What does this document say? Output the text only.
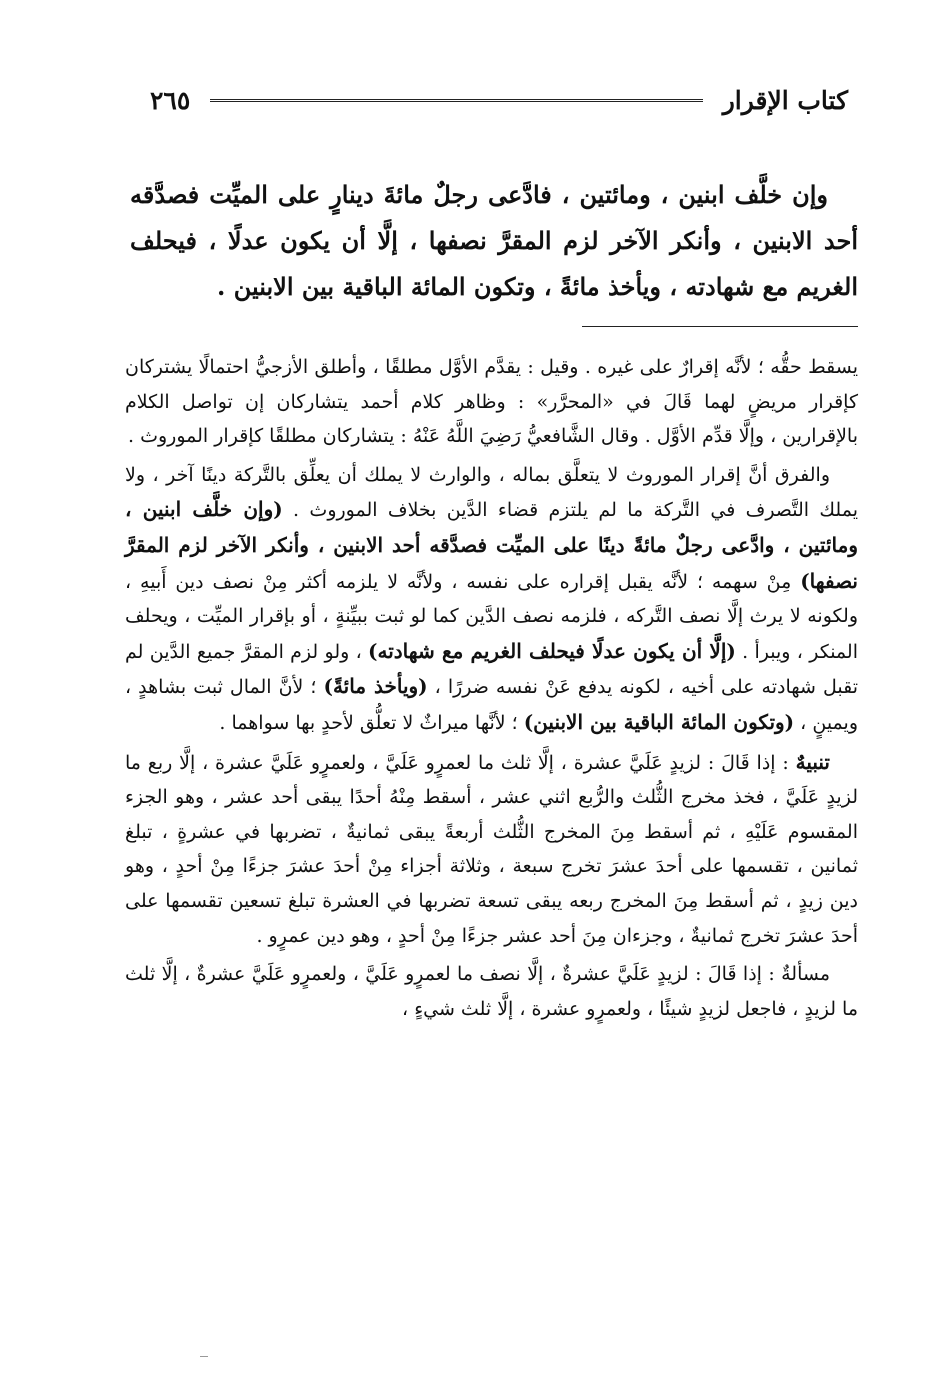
كتاب الإقرار
٢٦٥

وإن خلَّف ابنين ، ومائتين ، فادَّعى رجلٌ مائةَ دينارٍ على الميِّت فصدَّقه أحد الابنين ، وأنكر الآخر لزم المقرَّ نصفها ، إلَّا أن يكون عدلًا ، فيحلف الغريم مع شهادته ، ويأخذ مائةً ، وتكون المائة الباقية بين الابنين .

يسقط حقُّه ؛ لأنَّه إقرارٌ على غيره . وقيل : يقدَّم الأوَّل مطلقًا ، وأطلق الأزجيُّ احتمالًا يشتركان كإقرار مريضٍ لهما قَالَ في «المحرَّر» : وظاهر كلام أحمد يتشاركان إن تواصل الكلام بالإقرارين ، وإلَّا قدِّم الأوَّل . وقال الشَّافعيُّ رَضِيَ اللَّهُ عَنْهُ : يتشاركان مطلقًا كإقرار الموروث .

والفرق أنَّ إقرار الموروث لا يتعلَّق بماله ، والوارث لا يملك أن يعلِّق بالتَّركة دينًا آخر ، ولا يملك التَّصرف في التَّركة ما لم يلتزم قضاء الدَّين بخلاف الموروث . (وإن خلَّف ابنين ، ومائتين ، وادَّعى رجلٌ مائةً دينًا على الميِّت فصدَّقه أحد الابنين ، وأنكر الآخر لزم المقرَّ نصفها) مِنْ سهمه ؛ لأنَّه يقبل إقراره على نفسه ، ولأنَّه لا يلزمه أكثر مِنْ نصف دين أَبيهِ ، ولكونه لا يرث إلَّا نصف التَّركه ، فلزمه نصف الدَّين كما لو ثبت ببيِّنةٍ ، أو بإقرار الميِّت ، ويحلف المنكر ، ويبرأ . (إلَّا أن يكون عدلًا فيحلف الغريم مع شهادته) ، ولو لزم المقرَّ جميع الدَّين لم تقبل شهادته على أخيه ، لكونه يدفع عَنْ نفسه ضررًا ، (ويأخذ مائةً) ؛ لأنَّ المال ثبت بشاهدٍ ، ويمينٍ ، (وتكون المائة الباقية بين الابنين) ؛ لأنَّها ميراثٌ لا تعلُّق لأحدٍ بها سواهما .

تنبيهٌ : إذا قَالَ : لزيدٍ عَلَيَّ عشرة ، إلَّا ثلث ما لعمرٍو عَلَيَّ ، ولعمرٍو عَلَيَّ عشرة ، إلَّا ربع ما لزيدٍ عَلَيَّ ، فخذ مخرج الثُّلث والرُّبع اثني عشر ، أسقط مِنْهُ أحدًا يبقى أحد عشر ، وهو الجزء المقسوم عَلَيْهِ ، ثم أسقط مِنَ المخرج الثُّلث أربعةً يبقى ثمانيةٌ ، تضربها في عشرةٍ ، تبلغ ثمانين ، تقسمها على أحدَ عشرَ تخرج سبعة ، وثلاثة أجزاء مِنْ أحدَ عشرَ جزءًا مِنْ أحدٍ ، وهو دين زيدٍ ، ثم أسقط مِنَ المخرج ربعه يبقى تسعة تضربها في العشرة تبلغ تسعين تقسمها على أحدَ عشرَ تخرج ثمانيةٌ ، وجزءان مِنَ أحد عشر جزءًا مِنْ أحدٍ ، وهو دين عمرٍو .

مسألةٌ : إذا قَالَ : لزيدٍ عَلَيَّ عشرةٌ ، إلَّا نصف ما لعمرٍو عَلَيَّ ، ولعمرٍو عَلَيَّ عشرةٌ ، إلَّا ثلث ما لزيدٍ ، فاجعل لزيدٍ شيئًا ، ولعمرٍو عشرة ، إلَّا ثلث شيءٍ ،
